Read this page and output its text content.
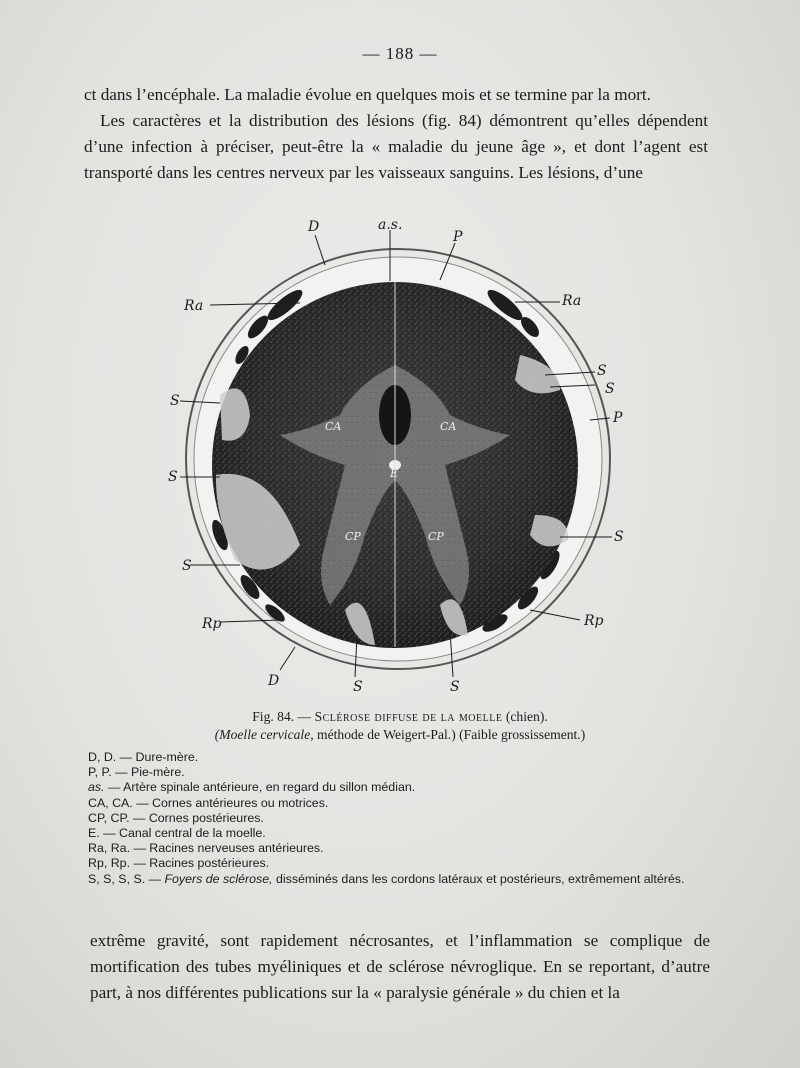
— 188 —

ct dans l’encéphale. La maladie évolue en quelques mois et se termine par la mort.

Les caractères et la distribution des lésions (fig. 84) démontrent qu’elles dépendent d’une infection à préciser, peut-être la « maladie du jeune âge », et dont l’agent est transporté dans les centres nerveux par les vaisseaux sanguins. Les lésions, d’une

D	a.s.
P
Ra	Ra
S
S
P
S
S
S
S
Rp	Rp
D	S	S
CA	CA
E
CP	CP
Fig. 84. — Sclérose diffuse de la moelle (chien).
(Moelle cervicale, méthode de Weigert-Pal.) (Faible grossissement.)
D, D. — Dure-mère.
P, P. — Pie-mère.
as. — Artère spinale antérieure, en regard du sillon médian.
CA, CA. — Cornes antérieures ou motrices.
CP, CP. — Cornes postérieures.
E. — Canal central de la moelle.
Ra, Ra. — Racines nerveuses antérieures.
Rp, Rp. — Racines postérieures.
S, S, S, S. — Foyers de sclérose, disséminés dans les cordons latéraux et postérieurs, extrêmement altérés.

extrême gravité, sont rapidement nécrosantes, et l’inflammation se complique de mortification des tubes myéliniques et de sclérose névroglique. En se reportant, d’autre part, à nos différentes publications sur la « paralysie générale » du chien et la
